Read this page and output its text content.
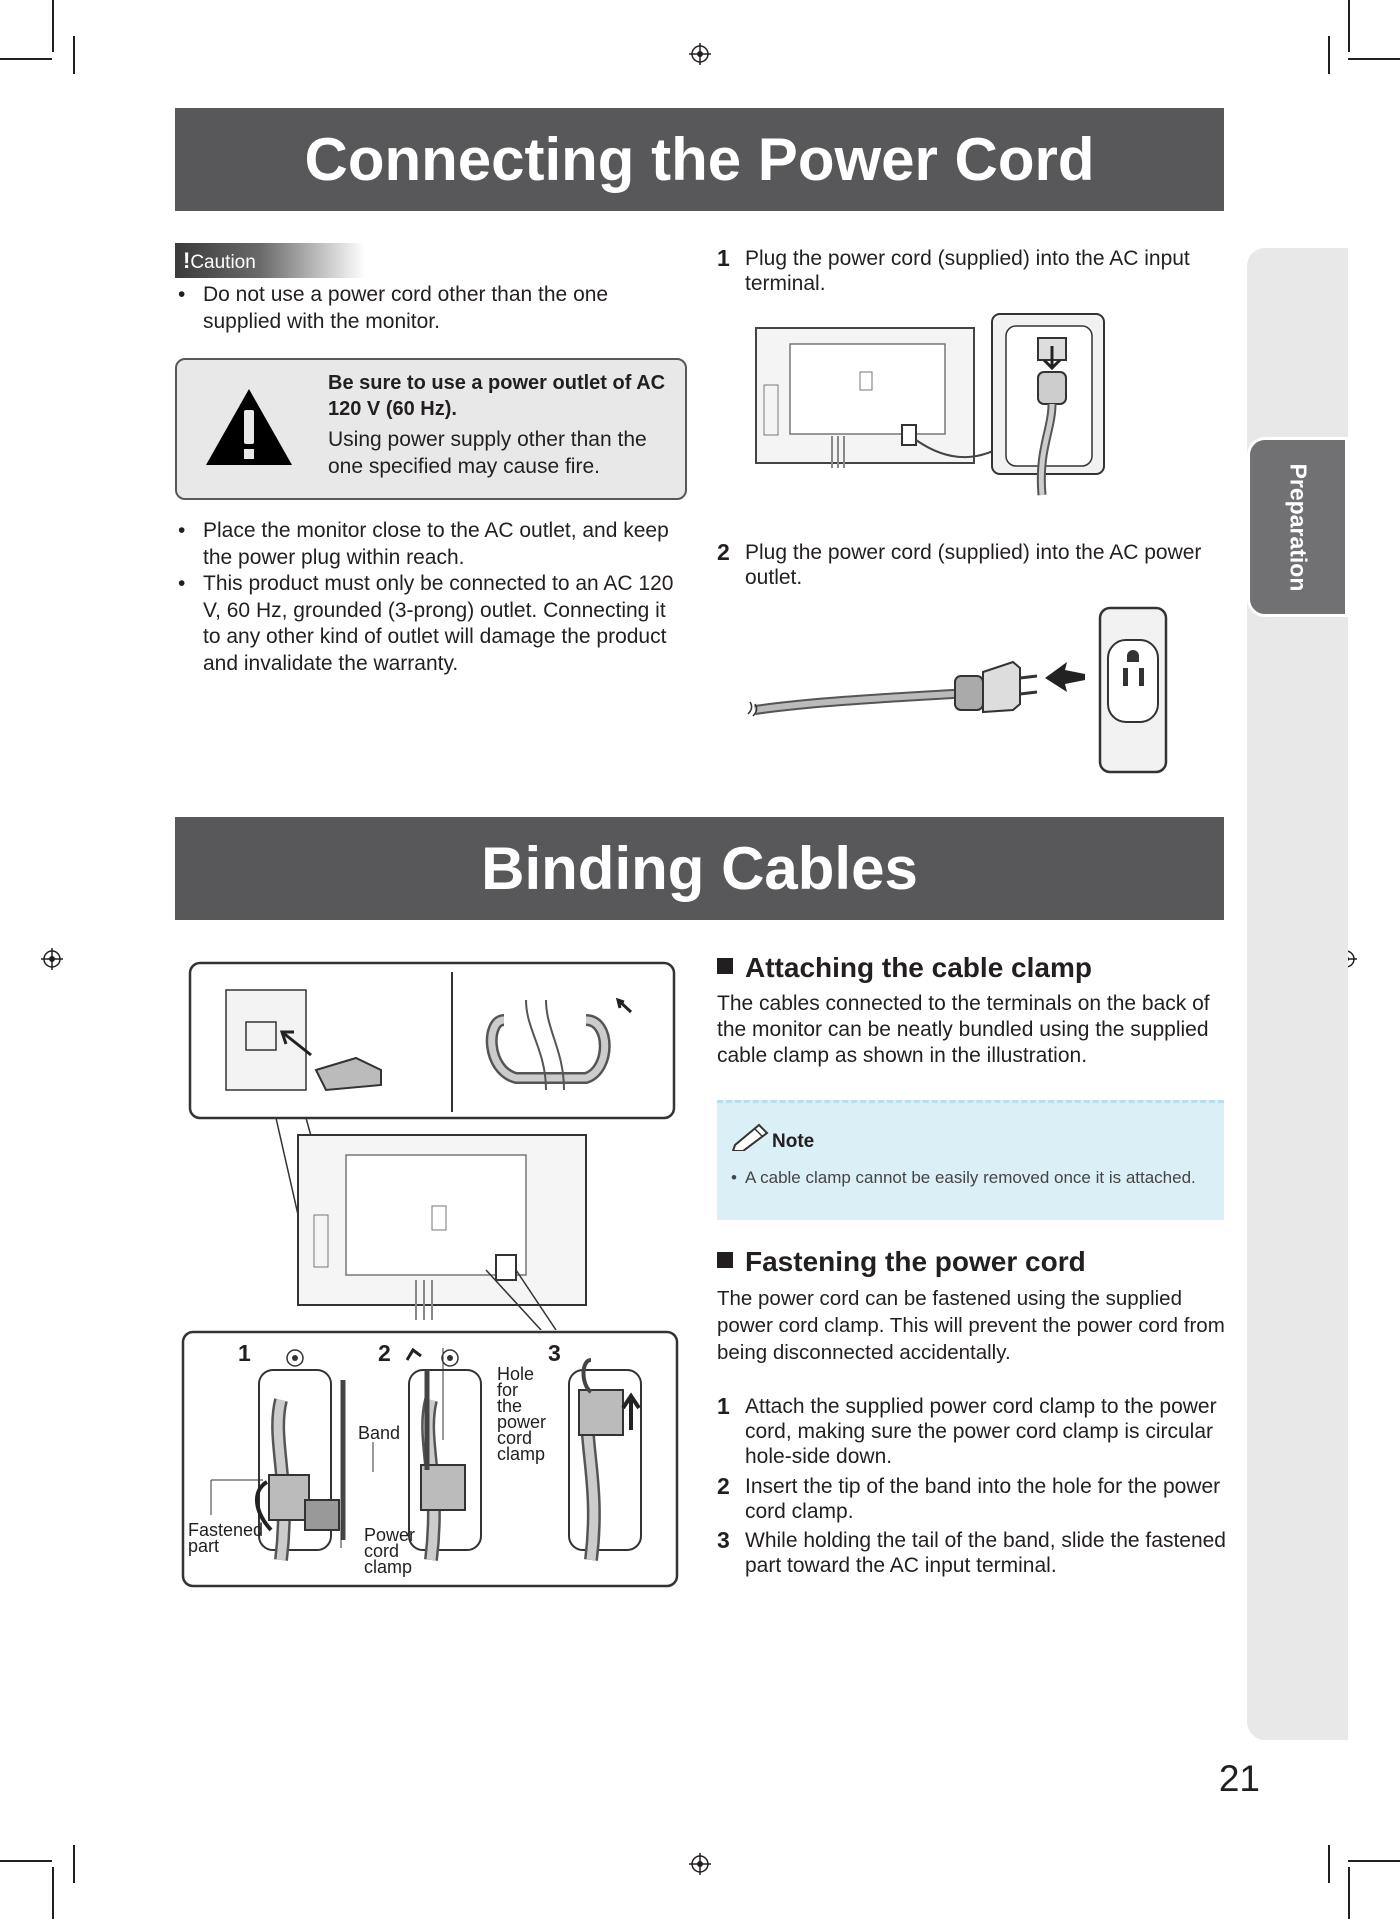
Preparation
Connecting the Power Cord
!Caution
• Do not use a power cord other than the one supplied with the monitor.
Be sure to use a power outlet of AC 120 V (60 Hz).
Using power supply other than the one specified may cause fire.
• Place the monitor close to the AC outlet, and keep the power plug within reach.
• This product must only be connected to an AC 120 V, 60 Hz, grounded (3-prong) outlet. Connecting it to any other kind of outlet will damage the product and invalidate the warranty.
1 Plug the power cord (supplied) into the AC input terminal.
2 Plug the power cord (supplied) into the AC power outlet.
Binding Cables
Attaching the cable clamp
The cables connected to the terminals on the back of the monitor can be neatly bundled using the supplied cable clamp as shown in the illustration.
Note
• A cable clamp cannot be easily removed once it is attached.
Fastening the power cord
The power cord can be fastened using the supplied power cord clamp. This will prevent the power cord from being disconnected accidentally.
1 Attach the supplied power cord clamp to the power cord, making sure the power cord clamp is circular hole-side down.
2 Insert the tip of the band into the hole for the power cord clamp.
3 While holding the tail of the band, slide the fastened part toward the AC input terminal.
1	2	3
Band
Hole
for
the
power
cord
clamp
Fastened
part
Power
cord
clamp
21
